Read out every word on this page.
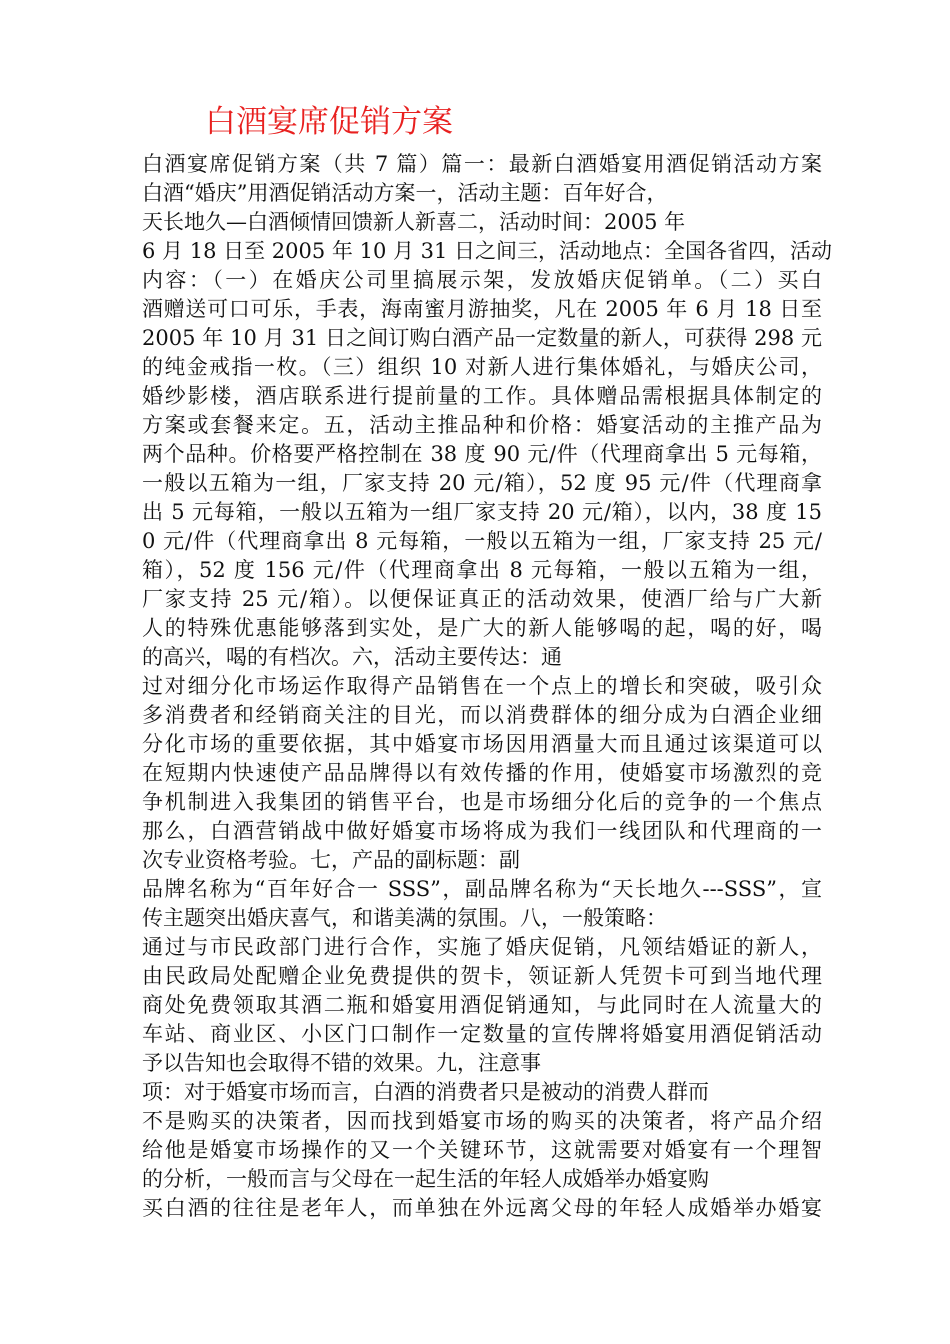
白酒宴席促销方案
白酒宴席促销方案（共 7 篇）篇一：最新白酒婚宴用酒促销活动方案
白酒“婚庆”用酒促销活动方案一，活动主题：百年好合，
天长地久—白酒倾情回馈新人新喜二，活动时间：2005 年
6 月 18 日至 2005 年 10 月 31 日之间三，活动地点：全国各省四，活动
内容：（一）在婚庆公司里搞展示架，发放婚庆促销单。（二）买白
酒赠送可口可乐，手表，海南蜜月游抽奖，凡在 2005 年 6 月 18 日至
2005 年 10 月 31 日之间订购白酒产品一定数量的新人，可获得 298 元
的纯金戒指一枚。（三）组织 10 对新人进行集体婚礼，与婚庆公司，
婚纱影楼，酒店联系进行提前量的工作。具体赠品需根据具体制定的
方案或套餐来定。五，活动主推品种和价格：婚宴活动的主推产品为
两个品种。价格要严格控制在 38 度 90 元/件（代理商拿出 5 元每箱，
一般以五箱为一组，厂家支持 20 元/箱），52 度 95 元/件（代理商拿
出 5 元每箱，一般以五箱为一组厂家支持 20 元/箱），以内，38 度 15
0 元/件（代理商拿出 8 元每箱，一般以五箱为一组，厂家支持 25 元/
箱），52 度 156 元/件（代理商拿出 8 元每箱，一般以五箱为一组，
厂家支持 25 元/箱）。以便保证真正的活动效果，使酒厂给与广大新
人的特殊优惠能够落到实处，是广大的新人能够喝的起，喝的好，喝
的高兴，喝的有档次。六，活动主要传达：通
过对细分化市场运作取得产品销售在一个点上的增长和突破，吸引众
多消费者和经销商关注的目光，而以消费群体的细分成为白酒企业细
分化市场的重要依据，其中婚宴市场因用酒量大而且通过该渠道可以
在短期内快速使产品品牌得以有效传播的作用，使婚宴市场激烈的竞
争机制进入我集团的销售平台，也是市场细分化后的竞争的一个焦点
那么，白酒营销战中做好婚宴市场将成为我们一线团队和代理商的一
次专业资格考验。七，产品的副标题：副
品牌名称为“百年好合一 SSS”，副品牌名称为“天长地久---SSS”，宣
传主题突出婚庆喜气，和谐美满的氛围。八，一般策略：
通过与市民政部门进行合作，实施了婚庆促销，凡领结婚证的新人，
由民政局处配赠企业免费提供的贺卡，领证新人凭贺卡可到当地代理
商处免费领取其酒二瓶和婚宴用酒促销通知，与此同时在人流量大的
车站、商业区、小区门口制作一定数量的宣传牌将婚宴用酒促销活动
予以告知也会取得不错的效果。九，注意事
项：对于婚宴市场而言，白酒的消费者只是被动的消费人群而
不是购买的决策者，因而找到婚宴市场的购买的决策者，将产品介绍
给他是婚宴市场操作的又一个关键环节，这就需要对婚宴有一个理智
的分析，一般而言与父母在一起生活的年轻人成婚举办婚宴购
买白酒的往往是老年人，而单独在外远离父母的年轻人成婚举办婚宴
